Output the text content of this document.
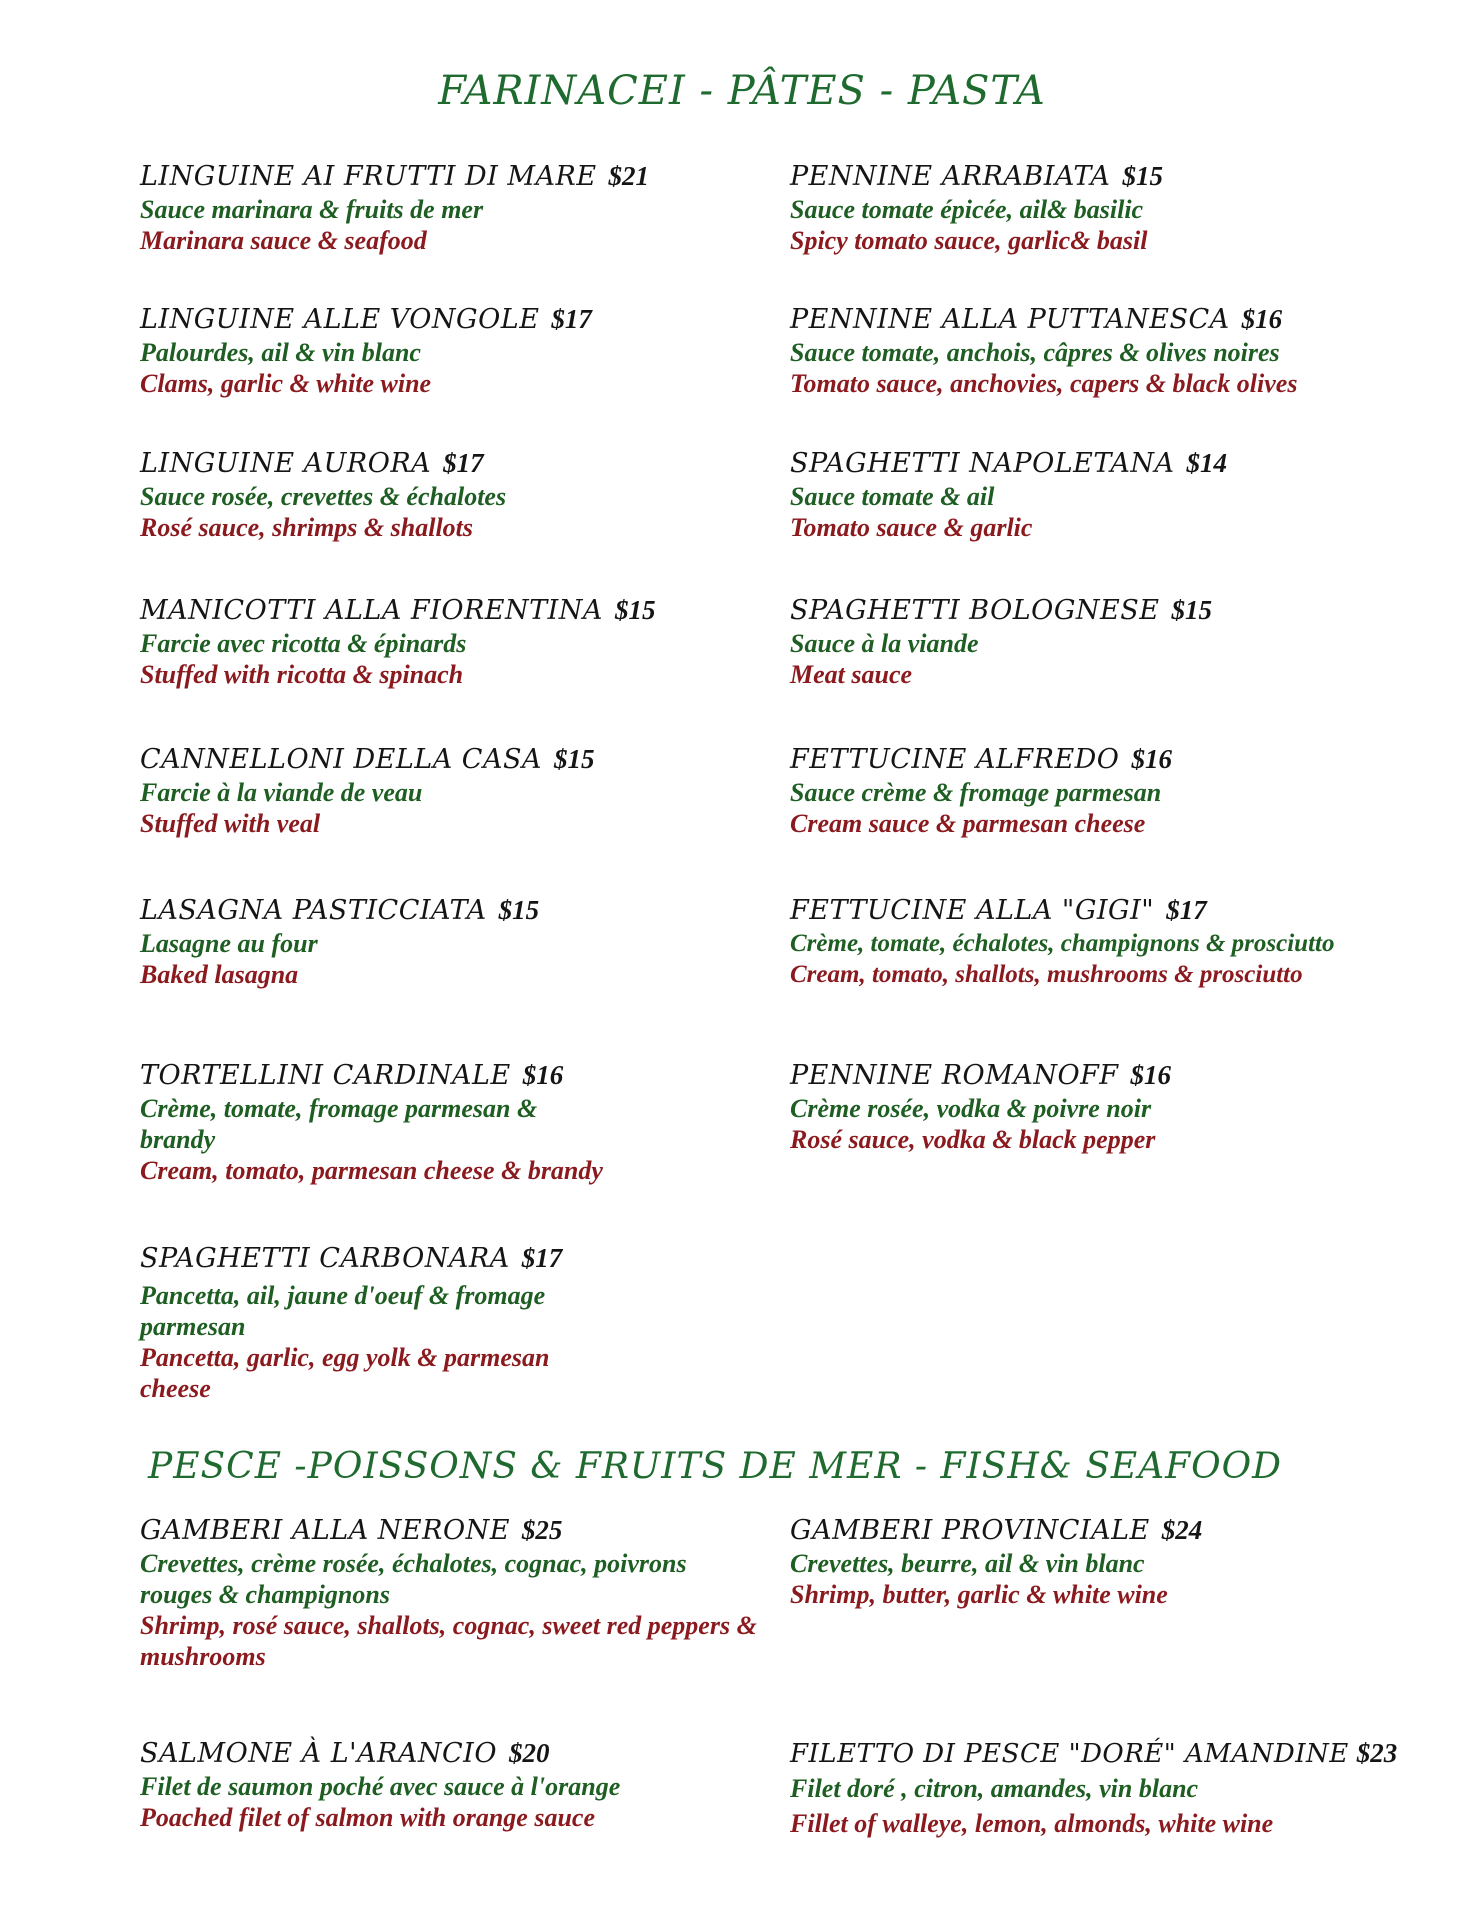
FARINACEI - PÂTES - PASTA
LINGUINE AI FRUTTI DI MARE $21
Sauce marinara & fruits de mer
Marinara sauce & seafood
LINGUINE ALLE VONGOLE $17
Palourdes, ail & vin blanc
Clams, garlic & white wine
LINGUINE AURORA $17
Sauce rosée, crevettes & échalotes
Rosé sauce, shrimps & shallots
MANICOTTI ALLA FIORENTINA $15
Farcie avec ricotta & épinards
Stuffed with ricotta & spinach
CANNELLONI DELLA CASA $15
Farcie à la viande de veau
Stuffed with veal
LASAGNA PASTICCIATA $15
Lasagne au four
Baked lasagna
TORTELLINI CARDINALE $16
Crème, tomate, fromage parmesan & brandy
Cream, tomato, parmesan cheese & brandy
SPAGHETTI CARBONARA $17
Pancetta, ail, jaune d'oeuf & fromage parmesan
Pancetta, garlic, egg yolk & parmesan cheese
PENNINE ARRABIATA $15
Sauce tomate épicée, ail& basilic
Spicy tomato sauce, garlic& basil
PENNINE ALLA PUTTANESCA $16
Sauce tomate, anchois, câpres & olives noires
Tomato sauce, anchovies, capers & black olives
SPAGHETTI NAPOLETANA $14
Sauce tomate & ail
Tomato sauce & garlic
SPAGHETTI BOLOGNESE $15
Sauce à la viande
Meat sauce
FETTUCINE ALFREDO $16
Sauce crème & fromage parmesan
Cream sauce & parmesan cheese
FETTUCINE ALLA "GIGI" $17
Crème, tomate, échalotes, champignons & prosciutto
Cream, tomato, shallots, mushrooms & prosciutto
PENNINE ROMANOFF $16
Crème rosée, vodka & poivre noir
Rosé sauce, vodka & black pepper
PESCE -POISSONS & FRUITS DE MER - FISH& SEAFOOD
GAMBERI ALLA NERONE $25
Crevettes, crème rosée, échalotes, cognac, poivrons rouges & champignons
Shrimp, rosé sauce, shallots, cognac, sweet red peppers & mushrooms
GAMBERI PROVINCIALE $24
Crevettes, beurre, ail & vin blanc
Shrimp, butter, garlic & white wine
SALMONE À L'ARANCIO $20
Filet de saumon poché avec sauce à l'orange
Poached filet of salmon with orange sauce
FILETTO DI PESCE "DORÉ" AMANDINE $23
Filet doré , citron, amandes, vin blanc
Fillet of walleye, lemon, almonds, white wine
